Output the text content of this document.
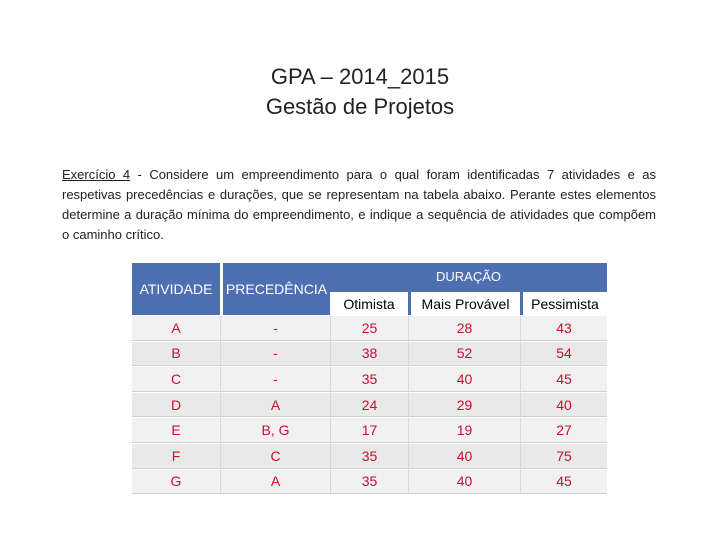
GPA – 2014_2015
Gestão de Projetos
Exercício 4 - Considere um empreendimento para o qual foram identificadas 7 atividades e as respetivas precedências e durações, que se representam na tabela abaixo. Perante estes elementos determine a duração mínima do empreendimento, e indique a sequência de atividades que compõem o caminho crítico.
ATIVIDADE	PRECEDÊNCIA	DURAÇÃO		
		Otimista	Mais Provável	Pessimista
A	-	25	28	43
B	-	38	52	54
C	-	35	40	45
D	A	24	29	40
E	B, G	17	19	27
F	C	35	40	75
G	A	35	40	45
